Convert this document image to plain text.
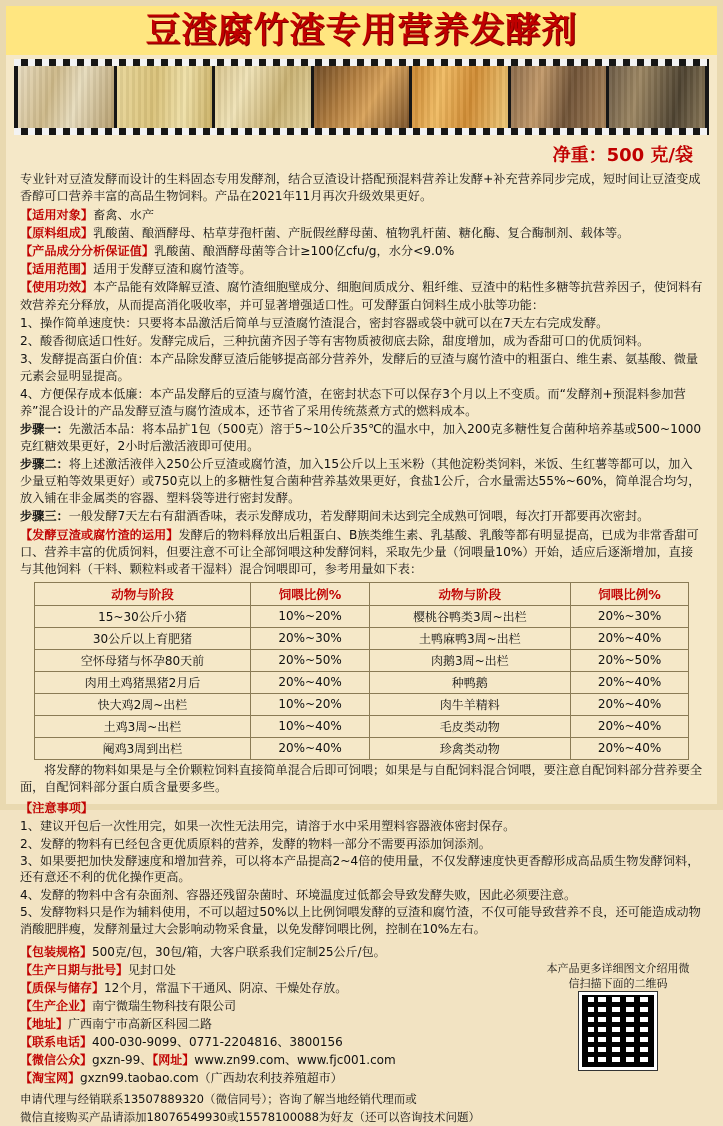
豆渣腐竹渣专用营养发酵剂
净重：500 克/袋

专业针对豆渣发酵而设计的生料固态专用发酵剂，结合豆渣设计搭配预混料营养让发酵+补充营养同步完成，短时间让豆渣变成香醇可口营养丰富的高品生物饲料。产品在2021年11月再次升级效果更好。

【适用对象】畜禽、水产

【原料组成】乳酸菌、酿酒酵母、枯草芽孢杆菌、产朊假丝酵母菌、植物乳杆菌、糖化酶、复合酶制剂、载体等。

【产品成分分析保证值】乳酸菌、酿酒酵母菌等合计≥100亿cfu/g，水分<9.0%

【适用范围】适用于发酵豆渣和腐竹渣等。

【使用功效】本产品能有效降解豆渣、腐竹渣细胞壁成分、细胞间质成分、粗纤维、豆渣中的粘性多糖等抗营养因子，使饲料有效营养充分释放，从而提高消化吸收率，并可显著增强适口性。可发酵蛋白饲料生成小肽等功能：

1、操作简单速度快：只要将本品激活后简单与豆渣腐竹渣混合，密封容器或袋中就可以在7天左右完成发酵。

2、酸香彻底适口性好。发酵完成后，三种抗菌齐因子等有害物质被彻底去除，甜度增加，成为香甜可口的优质饲料。

3、发酵提高蛋白价值：本产品除发酵豆渣后能够提高部分营养外，发酵后的豆渣与腐竹渣中的粗蛋白、维生素、氨基酸、微量元素会显明显提高。

4、方便保存成本低廉：本产品发酵后的豆渣与腐竹渣，在密封状态下可以保存3个月以上不变质。而“发酵剂+预混料参加营养”混合设计的产品发酵豆渣与腐竹渣成本，还节省了采用传统蒸煮方式的燃料成本。

步骤一：先激活本品：将本品扩1包（500克）溶于5~10公斤35℃的温水中，加入200克多糖性复合菌种培养基或500~1000克红糖效果更好，2小时后激活液即可使用。

步骤二：将上述激活液伴入250公斤豆渣或腐竹渣，加入15公斤以上玉米粉（其他淀粉类饲料，米饭、生红薯等都可以，加入少量豆粕等效果更好）或750克以上的多糖性复合菌种营养基效果更好，食盐1公斤，合水量需达55%~60%，简单混合均匀，放入铺在非金属类的容器、塑料袋等进行密封发酵。

步骤三：一般发酵7天左右有甜酒香味，表示发酵成功，若发酵期间未达到完全成熟可饲喂，每次打开都要再次密封。

【发酵豆渣或腐竹渣的运用】发酵后的物料释放出后粗蛋白、B族类维生素、乳基酸、乳酸等都有明显提高，已成为非常香甜可口、营养丰富的优质饲料，但要注意不可让全部饲喂这种发酵饲料，采取先少量（饲喂量10%）开始，适应后逐渐增加，直接与其他饲料（干料、颗粒料或者干湿料）混合饲喂即可，参考用量如下表：

动物与阶段	饲喂比例%	动物与阶段	饲喂比例%
15~30公斤小猪	10%~20%	樱桃谷鸭类3周~出栏	20%~30%
30公斤以上育肥猪	20%~30%	土鸭麻鸭3周~出栏	20%~40%
空怀母猪与怀孕80天前	20%~50%	肉鹅3周~出栏	20%~50%
肉用土鸡猪黑猪2月后	20%~40%	种鸭鹅	20%~40%
快大鸡2周~出栏	10%~20%	肉牛羊精料	20%~40%
土鸡3周~出栏	10%~40%	毛皮类动物	20%~40%
阉鸡3周到出栏	20%~40%	珍禽类动物	20%~40%

将发酵的物料如果是与全价颗粒饲料直接简单混合后即可饲喂；如果是与自配饲料混合饲喂，要注意自配饲料部分营养要全面，自配饲料部分蛋白质含量要多些。

【注意事项】

1、建议开包后一次性用完，如果一次性无法用完，请溶于水中采用塑料容器液体密封保存。

2、发酵的物料有已经包含更优质原料的营养，发酵的物料一部分不需要再添加饲添剂。

3、如果要把加快发酵速度和增加营养，可以将本产品提高2~4倍的使用量，不仅发酵速度快更香醇形成高品质生物发酵饲料，还有意还不利的优化操作更高。

4、发酵的物料中含有杂面剂、容器还残留杂菌时、环境温度过低都会导致发酵失败，因此必须要注意。

5、发酵物料只是作为辅料使用，不可以超过50%以上比例饲喂发酵的豆渣和腐竹渣，不仅可能导致营养不良，还可能造成动物消酸肥胖瘦，发酵剂量过大会影响动物采食量，以免发酵饲喂比例，控制在10%左右。

【包装规格】500克/包，30包/箱，大客户联系我们定制25公斤/包。
【生产日期与批号】见封口处
【质保与储存】12个月，常温下干通风、阴凉、干燥处存放。
【生产企业】南宁微瑞生物科技有限公司
【地址】广西南宁市高新区科园二路
【联系电话】400-030-9099、0771-2204816、3800156
【微信公众】gxzn-99、【网址】www.zn99.com、www.fjc001.com
【淘宝网】gxzn99.taobao.com（广西劫农利技养殖超市）
申请代理与经销联系13507889320（微信同号）；咨询了解当地经销代理而或
微信直接购买产品请添加18076549930或15578100088为好友（还可以咨询技术问题）
本产品更多详细图文介绍用微信扫描下面的二维码
